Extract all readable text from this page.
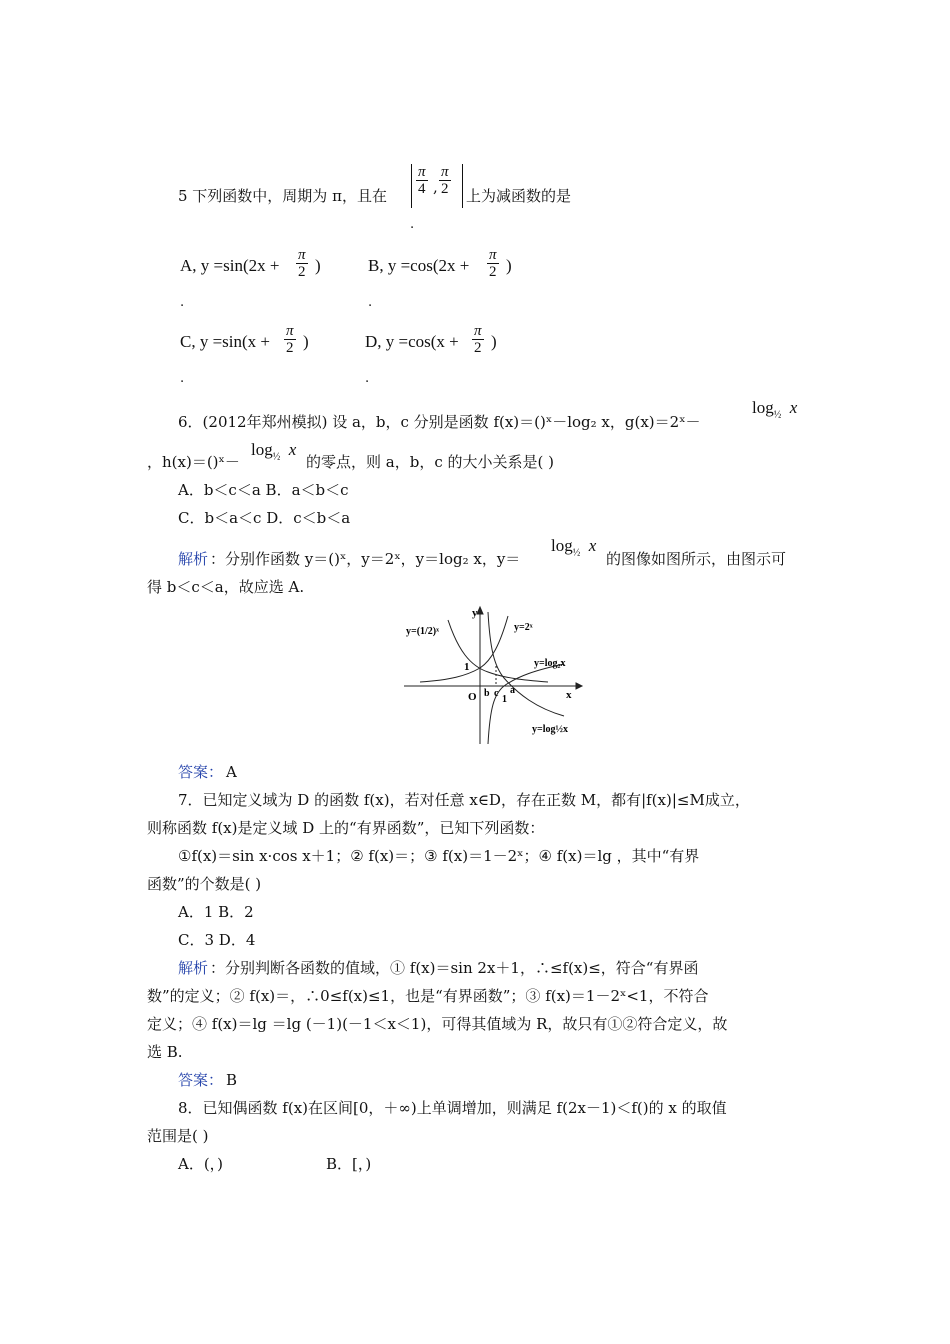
5 下列函数中，周期为 π，且在 $\frac{\pi}{4}$ , $\frac{\pi}{2}$ 上为减函数的是
.
A, $y =\sin(2x + \frac{\pi}{2}$ )
.
B, $y =\cos(2x + \frac{\pi}{2}$ )
.
C, $y =\sin(x + \frac{\pi}{2}$ )
.
D, $y =\cos(x + \frac{\pi}{2}$ )
.
6．(2012年郑州模拟) 设 a，b，c 分别是函数 f(x)＝()ˣ－log₂ x，g(x)＝2ˣ－
$\log_{\frac{1}{2}} x$
，h(x)＝()ˣ－
$\log_{\frac{1}{2}} x$
的零点，则 a，b，c 的大小关系是( )
A．b＜c＜a B．a＜b＜c
C．b＜a＜c D．c＜b＜a
解析 ：分别作函数 y＝()ˣ，y＝2ˣ，y＝log₂ x，y＝
$\log_{\frac{1}{2}} x$
的图像如图所示，由图示可
得 b＜c＜a，故应选 A.
y
x
O
1
b c a
1
y=(1/2)ˣ	y=2ˣ
y=log₂x
y=log½x
答案： A
7．已知定义域为 D 的函数 f(x)，若对任意 x∈D，存在正数 M，都有|f(x)|≤M成立，
则称函数 f(x)是定义域 D 上的“有界函数”，已知下列函数：
①f(x)＝sin x·cos x＋1；② f(x)＝；③ f(x)＝1－2ˣ；④ f(x)＝lg ，其中“有界
函数”的个数是( )
A．1 B．2
C．3 D．4
解析 ：分别判断各函数的值域，① f(x)＝sin 2x＋1，∴≤f(x)≤，符合“有界函
数”的定义；② f(x)＝，∴0≤f(x)≤1，也是“有界函数”；③ f(x)＝1－2ˣ<1，不符合
定义；④ f(x)＝lg ＝lg (－1)(－1＜x＜1)，可得其值域为 R，故只有①②符合定义，故
选 B.
答案： B
8．已知偶函数 f(x)在区间[0，＋∞)上单调增加，则满足 f(2x－1)＜f()的 x 的取值
范围是( )
A．(，)	B．[，)
